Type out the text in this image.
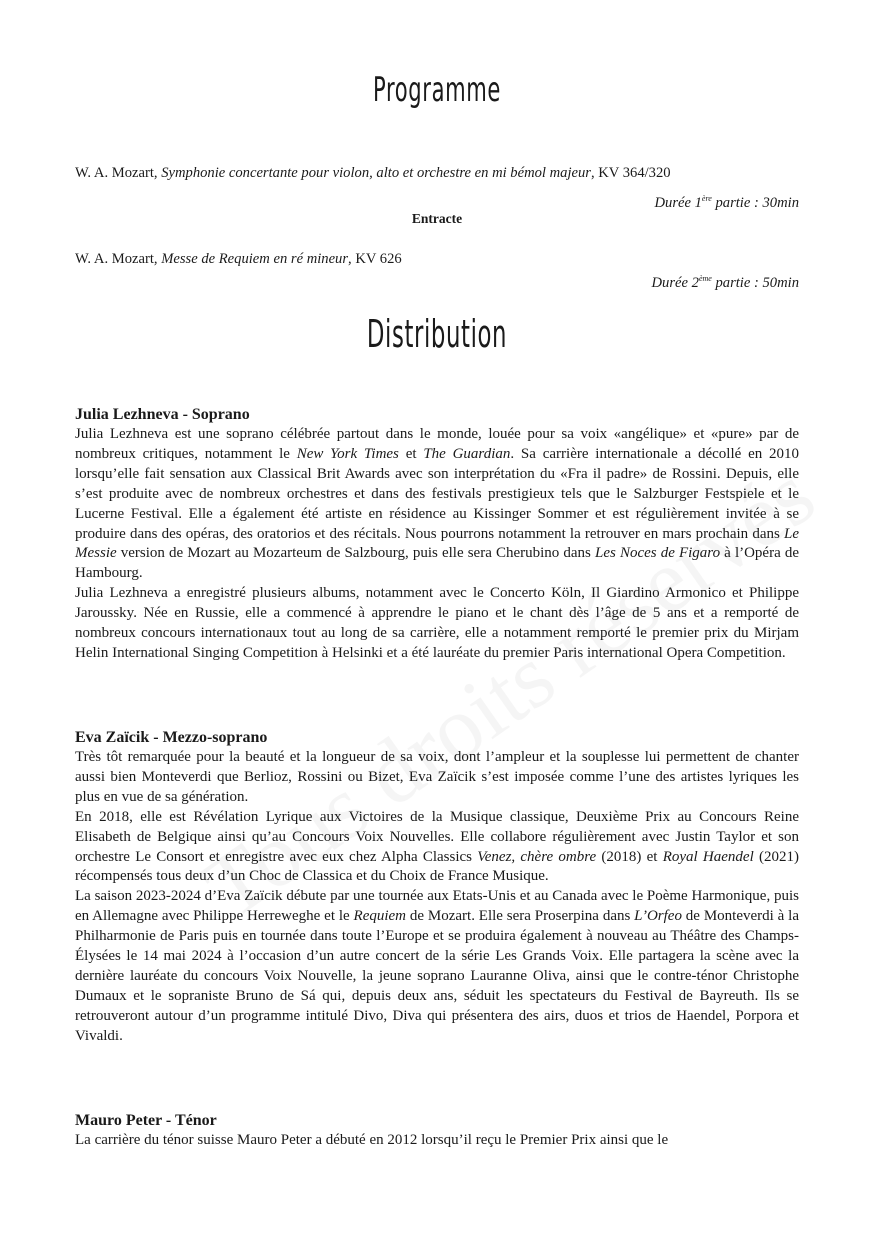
Programme
W. A. Mozart, Symphonie concertante pour violon, alto et orchestre en mi bémol majeur, KV 364/320
Durée 1ère partie : 30min
Entracte
W. A. Mozart, Messe de Requiem en ré mineur, KV 626
Durée 2ème partie : 50min
Distribution
Julia Lezhneva - Soprano

Julia Lezhneva est une soprano célébrée partout dans le monde, louée pour sa voix «angélique» et «pure» par de nombreux critiques, notamment le New York Times et The Guardian. Sa carrière internationale a décollé en 2010 lorsqu’elle fait sensation aux Classical Brit Awards avec son interprétation du «Fra il padre» de Rossini. Depuis, elle s’est produite avec de nombreux orchestres et dans des festivals prestigieux tels que le Salzburger Festspiele et le Lucerne Festival. Elle a également été artiste en résidence au Kissinger Sommer et est régulièrement invitée à se produire dans des opéras, des oratorios et des récitals. Nous pourrons notamment la retrouver en mars prochain dans Le Messie version de Mozart au Mozarteum de Salzbourg, puis elle sera Cherubino dans Les Noces de Figaro à l’Opéra de Hambourg.

Julia Lezhneva a enregistré plusieurs albums, notamment avec le Concerto Köln, Il Giardino Armonico et Philippe Jaroussky. Née en Russie, elle a commencé à apprendre le piano et le chant dès l’âge de 5 ans et a remporté de nombreux concours internationaux tout au long de sa carrière, elle a notamment remporté le premier prix du Mirjam Helin International Singing Competition à Helsinki et a été lauréate du premier Paris international Opera Competition.

Eva Zaïcik - Mezzo-soprano

Très tôt remarquée pour la beauté et la longueur de sa voix, dont l’ampleur et la souplesse lui permettent de chanter aussi bien Monteverdi que Berlioz, Rossini ou Bizet, Eva Zaïcik s’est imposée comme l’une des artistes lyriques les plus en vue de sa génération.

En 2018, elle est Révélation Lyrique aux Victoires de la Musique classique, Deuxième Prix au Concours Reine Elisabeth de Belgique ainsi qu’au Concours Voix Nouvelles. Elle collabore régulièrement avec Justin Taylor et son orchestre Le Consort et enregistre avec eux chez Alpha Classics Venez, chère ombre (2018) et Royal Haendel (2021) récompensés tous deux d’un Choc de Classica et du Choix de France Musique.

La saison 2023-2024 d’Eva Zaïcik débute par une tournée aux Etats-Unis et au Canada avec le Poème Harmonique, puis en Allemagne avec Philippe Herreweghe et le Requiem de Mozart. Elle sera Proserpina dans L’Orfeo de Monteverdi à la Philharmonie de Paris puis en tournée dans toute l’Europe et se produira également à nouveau au Théâtre des Champs-Élysées le 14 mai 2024 à l’occasion d’un autre concert de la série Les Grands Voix. Elle partagera la scène avec la dernière lauréate du concours Voix Nouvelle, la jeune soprano Lauranne Oliva, ainsi que le contre-ténor Christophe Dumaux et le sopraniste Bruno de Sá qui, depuis deux ans, séduit les spectateurs du Festival de Bayreuth. Ils se retrouveront autour d’un programme intitulé Divo, Diva qui présentera des airs, duos et trios de Haendel, Porpora et Vivaldi.

Mauro Peter - Ténor

La carrière du ténor suisse Mauro Peter a débuté en 2012 lorsqu’il reçu le Premier Prix ainsi que le
